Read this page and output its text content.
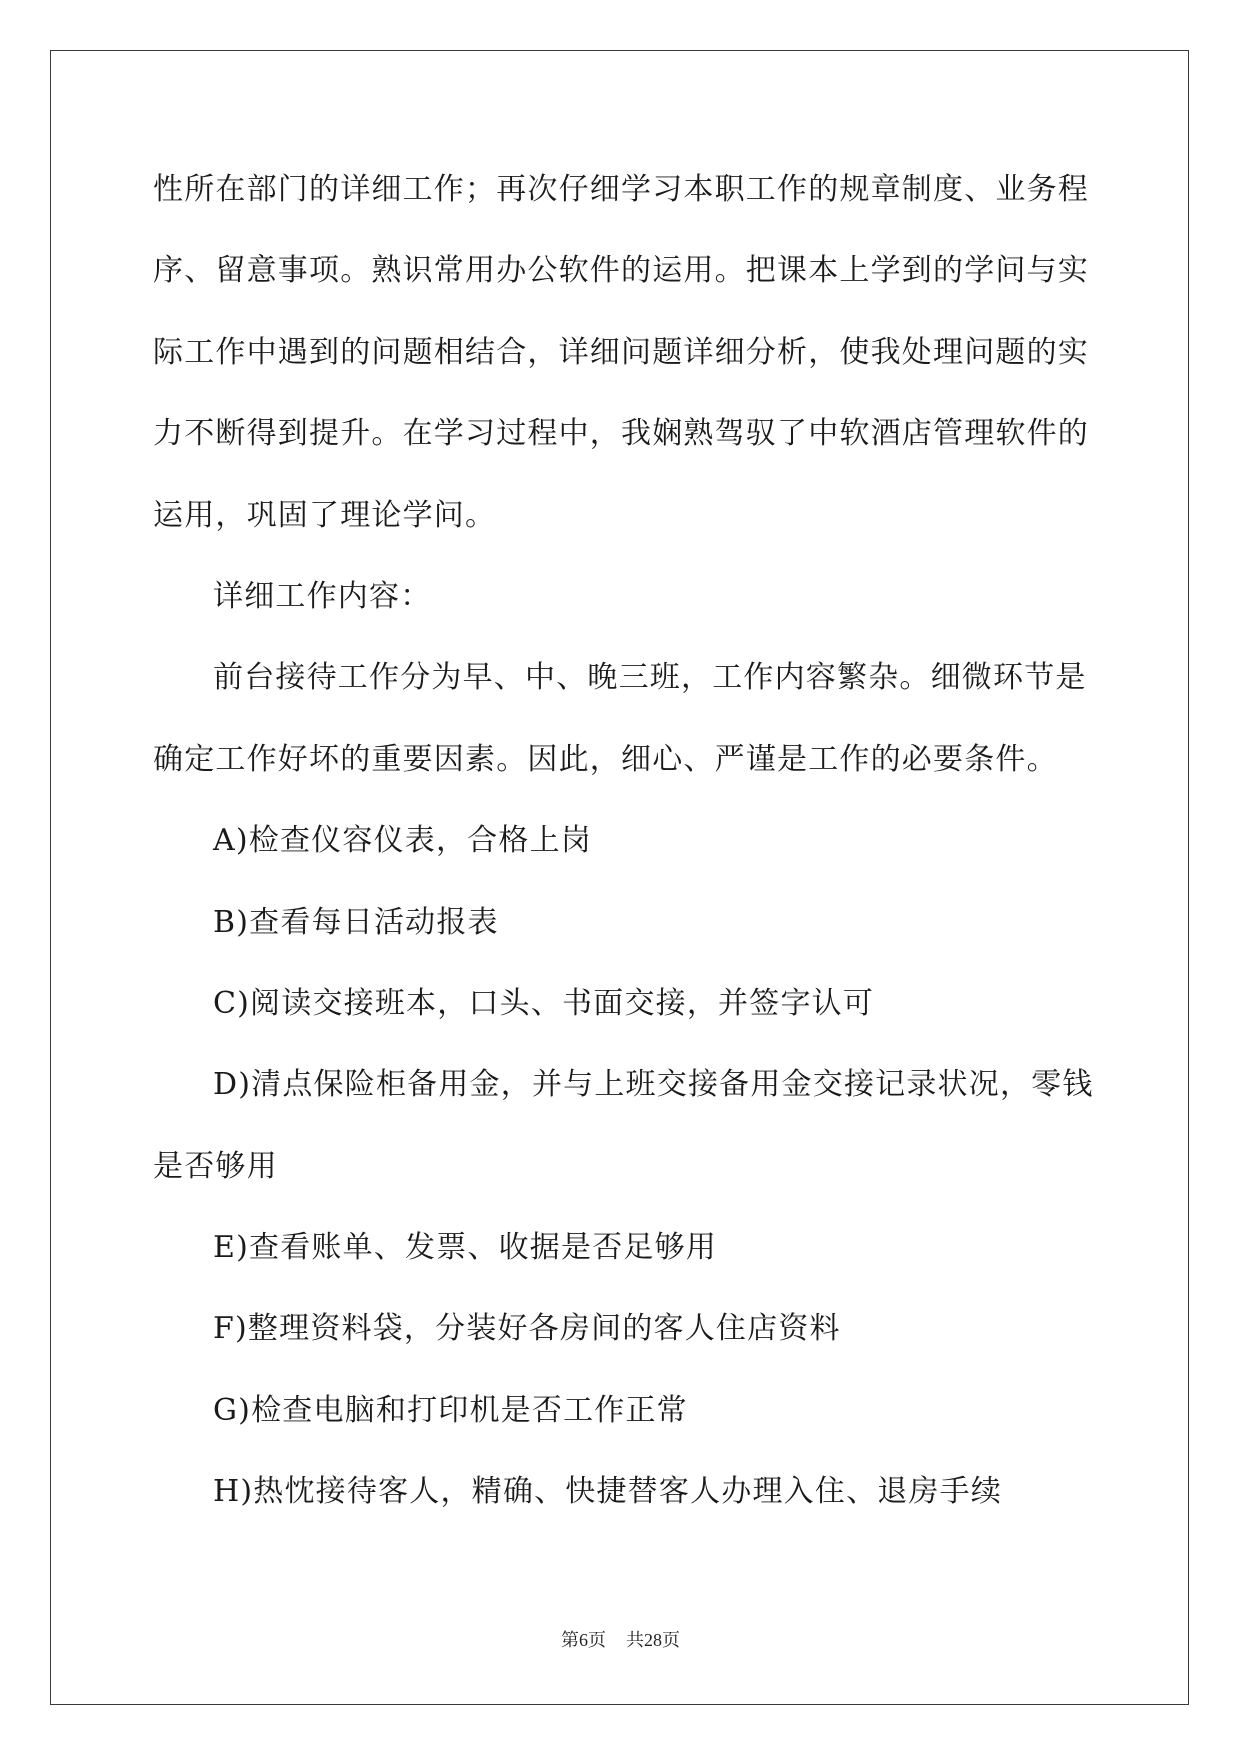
性所在部门的详细工作；再次仔细学习本职工作的规章制度、业务程
序、留意事项。熟识常用办公软件的运用。把课本上学到的学问与实
际工作中遇到的问题相结合，详细问题详细分析，使我处理问题的实
力不断得到提升。在学习过程中，我娴熟驾驭了中软酒店管理软件的
运用，巩固了理论学问。
详细工作内容：
前台接待工作分为早、中、晚三班，工作内容繁杂。细微环节是
确定工作好坏的重要因素。因此，细心、严谨是工作的必要条件。
A)检查仪容仪表，合格上岗
B)查看每日活动报表
C)阅读交接班本，口头、书面交接，并签字认可
D)清点保险柜备用金，并与上班交接备用金交接记录状况，零钱
是否够用
E)查看账单、发票、收据是否足够用
F)整理资料袋，分装好各房间的客人住店资料
G)检查电脑和打印机是否工作正常
H)热忱接待客人，精确、快捷替客人办理入住、退房手续
第6页 共28页
